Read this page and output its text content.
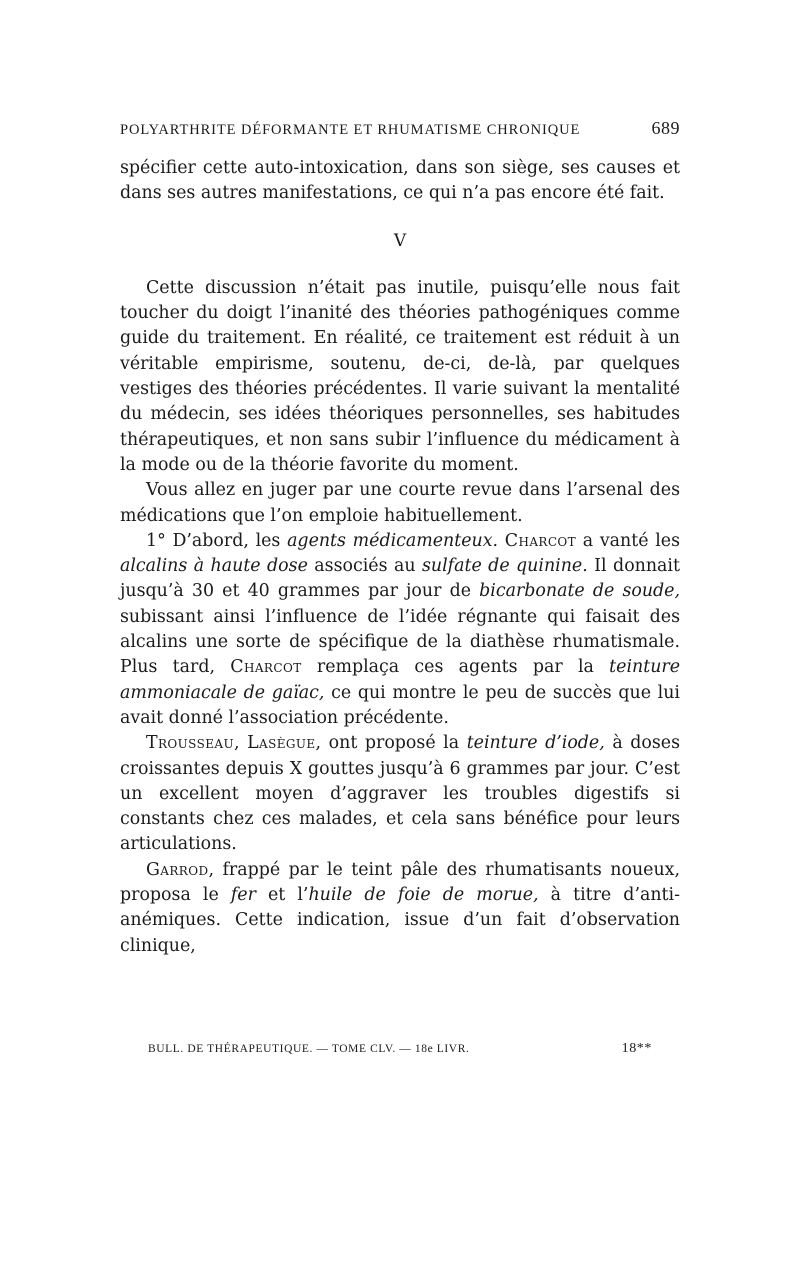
POLYARTHRITE DÉFORMANTE ET RHUMATISME CHRONIQUE	689

spécifier cette auto-intoxication, dans son siège, ses causes et dans ses autres manifestations, ce qui n’a pas encore été fait.

V

Cette discussion n’était pas inutile, puisqu’elle nous fait toucher du doigt l’inanité des théories pathogéniques comme guide du traitement. En réalité, ce traitement est réduit à un véritable empirisme, soutenu, de-ci, de-là, par quelques vestiges des théories précédentes. Il varie suivant la mentalité du médecin, ses idées théoriques personnelles, ses habitudes thérapeutiques, et non sans subir l’influence du médicament à la mode ou de la théorie favorite du moment.

Vous allez en juger par une courte revue dans l’arsenal des médications que l’on emploie habituellement.

1° D’abord, les agents médicamenteux. Charcot a vanté les alcalins à haute dose associés au sulfate de quinine. Il donnait jusqu’à 30 et 40 grammes par jour de bicarbonate de soude, subissant ainsi l’influence de l’idée régnante qui faisait des alcalins une sorte de spécifique de la diathèse rhumatismale. Plus tard, Charcot remplaça ces agents par la teinture ammoniacale de gaïac, ce qui montre le peu de succès que lui avait donné l’association précédente.

Trousseau, Lasègue, ont proposé la teinture d’iode, à doses croissantes depuis X gouttes jusqu’à 6 grammes par jour. C’est un excellent moyen d’aggraver les troubles digestifs si constants chez ces malades, et cela sans bénéfice pour leurs articulations.

Garrod, frappé par le teint pâle des rhumatisants noueux, proposa le fer et l’huile de foie de morue, à titre d’anti-anémiques. Cette indication, issue d’un fait d’observation clinique,

BULL. DE THÉRAPEUTIQUE. — TOME CLV. — 18e LIVR.	18**
